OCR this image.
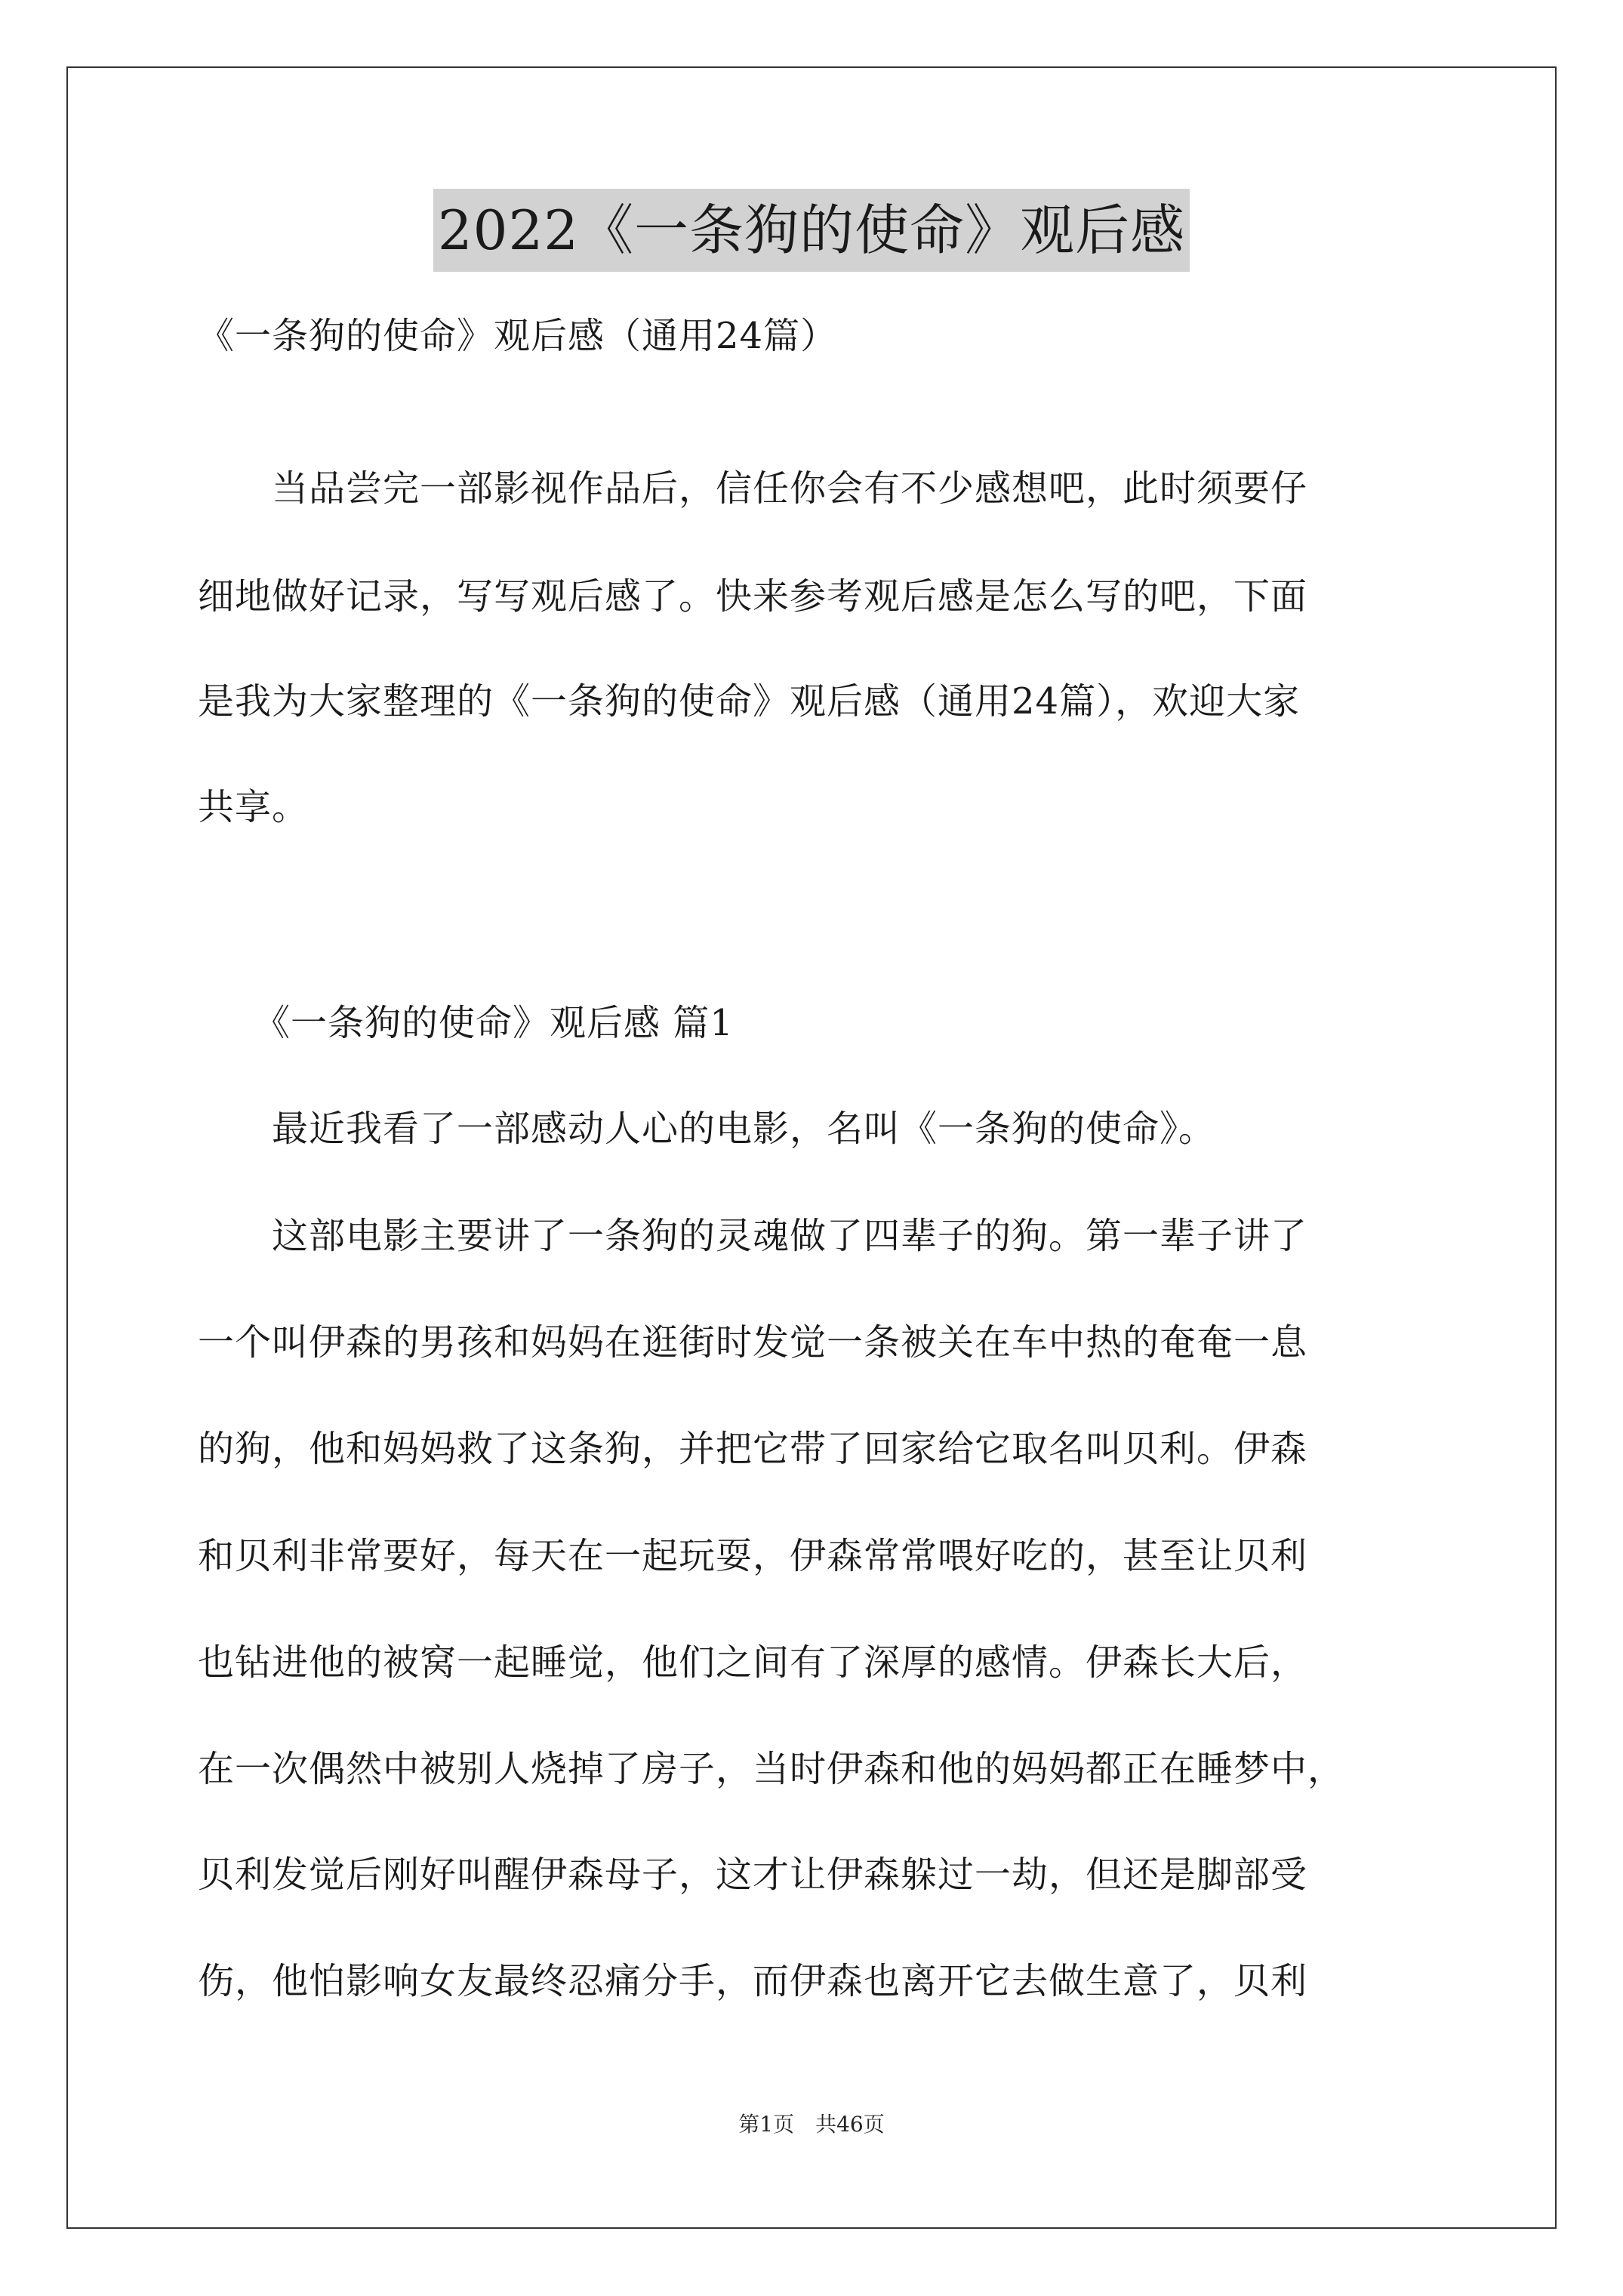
2022《一条狗的使命》观后感
《一条狗的使命》观后感（通用24篇）
　　当品尝完一部影视作品后，信任你会有不少感想吧，此时须要仔
细地做好记录，写写观后感了。快来参考观后感是怎么写的吧，下面
是我为大家整理的《一条狗的使命》观后感（通用24篇），欢迎大家
共享。
　　《一条狗的使命》观后感 篇1
　　最近我看了一部感动人心的电影，名叫《一条狗的使命》。
　　这部电影主要讲了一条狗的灵魂做了四辈子的狗。第一辈子讲了
一个叫伊森的男孩和妈妈在逛街时发觉一条被关在车中热的奄奄一息
的狗，他和妈妈救了这条狗，并把它带了回家给它取名叫贝利。伊森
和贝利非常要好，每天在一起玩耍，伊森常常喂好吃的，甚至让贝利
也钻进他的被窝一起睡觉，他们之间有了深厚的感情。伊森长大后，
在一次偶然中被别人烧掉了房子，当时伊森和他的妈妈都正在睡梦中，
贝利发觉后刚好叫醒伊森母子，这才让伊森躲过一劫，但还是脚部受
伤，他怕影响女友最终忍痛分手，而伊森也离开它去做生意了，贝利
第1页　共46页
